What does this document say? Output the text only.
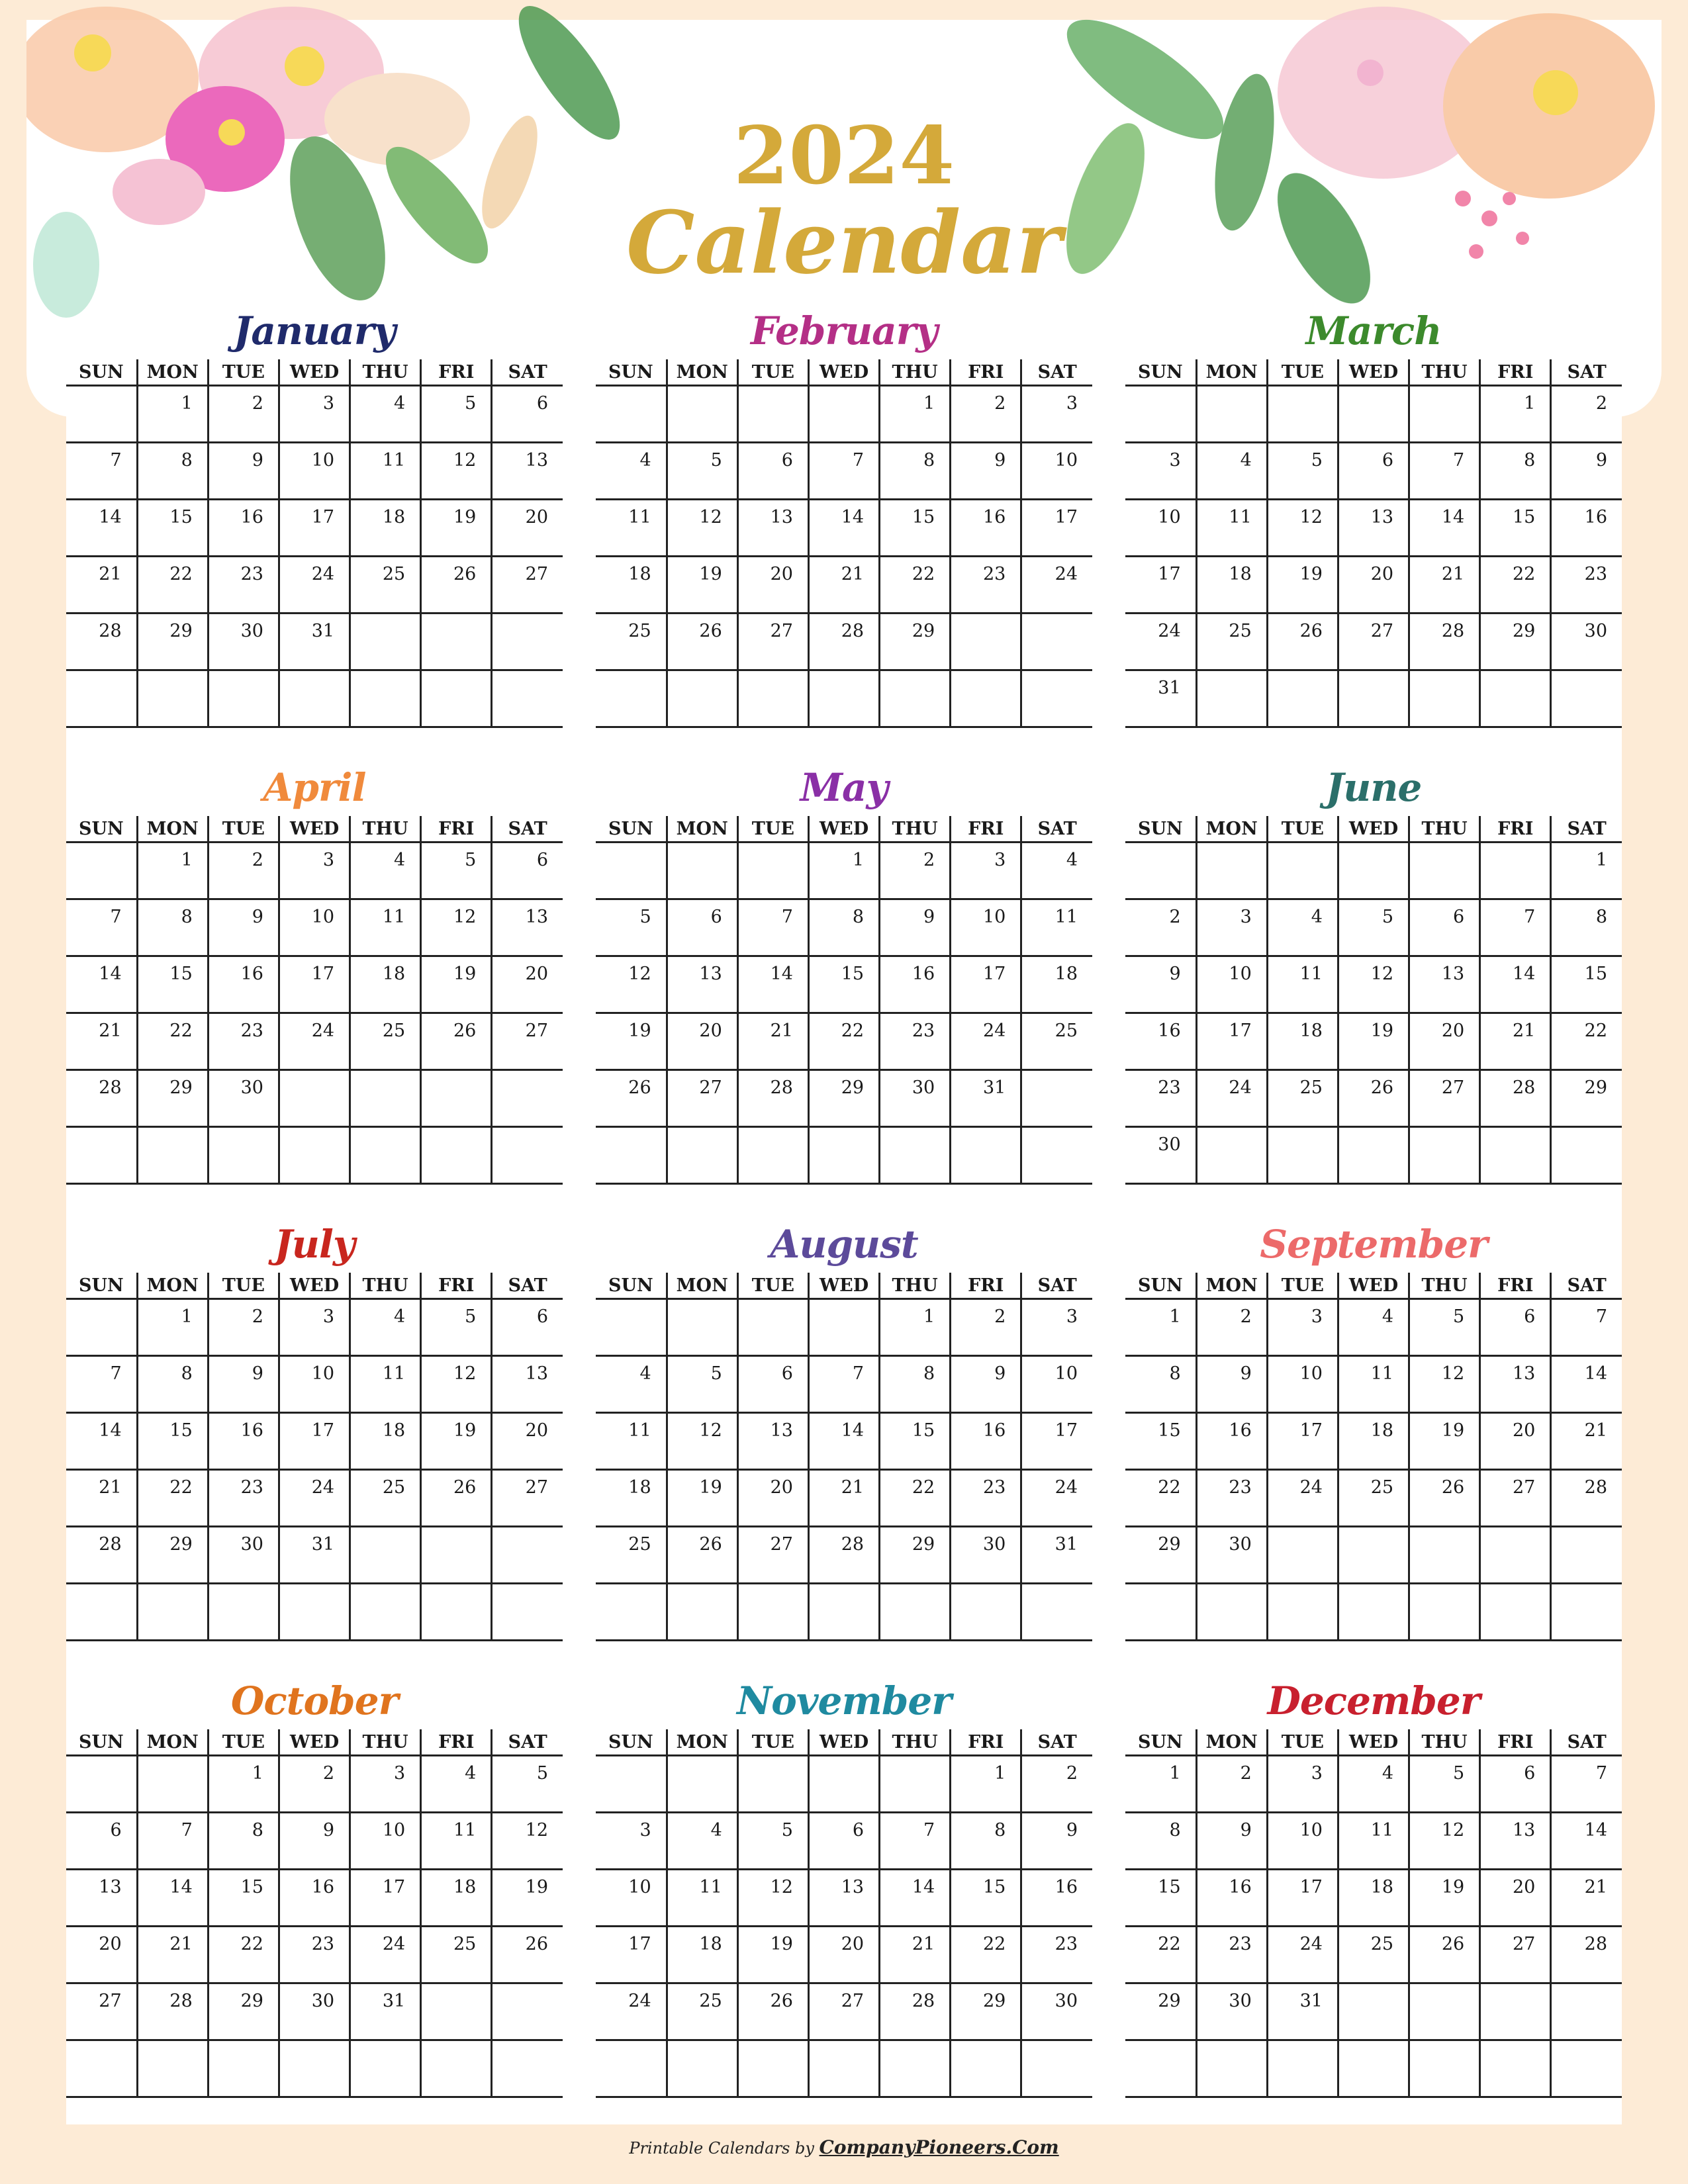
2024
Calendar
January
SUN	MON	TUE	WED	THU	FRI	SAT

	1	2	3	4	5	6

7	8	9	10	11	12	13

14	15	16	17	18	19	20

21	22	23	24	25	26	27

28	29	30	31			

February
SUN	MON	TUE	WED	THU	FRI	SAT

				1	2	3

4	5	6	7	8	9	10

11	12	13	14	15	16	17

18	19	20	21	22	23	24

25	26	27	28	29		

March
SUN	MON	TUE	WED	THU	FRI	SAT

					1	2

3	4	5	6	7	8	9

10	11	12	13	14	15	16

17	18	19	20	21	22	23

24	25	26	27	28	29	30

31						

April
SUN	MON	TUE	WED	THU	FRI	SAT

	1	2	3	4	5	6

7	8	9	10	11	12	13

14	15	16	17	18	19	20

21	22	23	24	25	26	27

28	29	30				

May
SUN	MON	TUE	WED	THU	FRI	SAT

			1	2	3	4

5	6	7	8	9	10	11

12	13	14	15	16	17	18

19	20	21	22	23	24	25

26	27	28	29	30	31	

June
SUN	MON	TUE	WED	THU	FRI	SAT

						1

2	3	4	5	6	7	8

9	10	11	12	13	14	15

16	17	18	19	20	21	22

23	24	25	26	27	28	29

30						

July
SUN	MON	TUE	WED	THU	FRI	SAT

	1	2	3	4	5	6

7	8	9	10	11	12	13

14	15	16	17	18	19	20

21	22	23	24	25	26	27

28	29	30	31			

August
SUN	MON	TUE	WED	THU	FRI	SAT

				1	2	3

4	5	6	7	8	9	10

11	12	13	14	15	16	17

18	19	20	21	22	23	24

25	26	27	28	29	30	31

September
SUN	MON	TUE	WED	THU	FRI	SAT

1	2	3	4	5	6	7

8	9	10	11	12	13	14

15	16	17	18	19	20	21

22	23	24	25	26	27	28

29	30					

October
SUN	MON	TUE	WED	THU	FRI	SAT

		1	2	3	4	5

6	7	8	9	10	11	12

13	14	15	16	17	18	19

20	21	22	23	24	25	26

27	28	29	30	31		

November
SUN	MON	TUE	WED	THU	FRI	SAT

					1	2

3	4	5	6	7	8	9

10	11	12	13	14	15	16

17	18	19	20	21	22	23

24	25	26	27	28	29	30

December
SUN	MON	TUE	WED	THU	FRI	SAT

1	2	3	4	5	6	7

8	9	10	11	12	13	14

15	16	17	18	19	20	21

22	23	24	25	26	27	28

29	30	31				

Printable Calendars by CompanyPioneers.Com
